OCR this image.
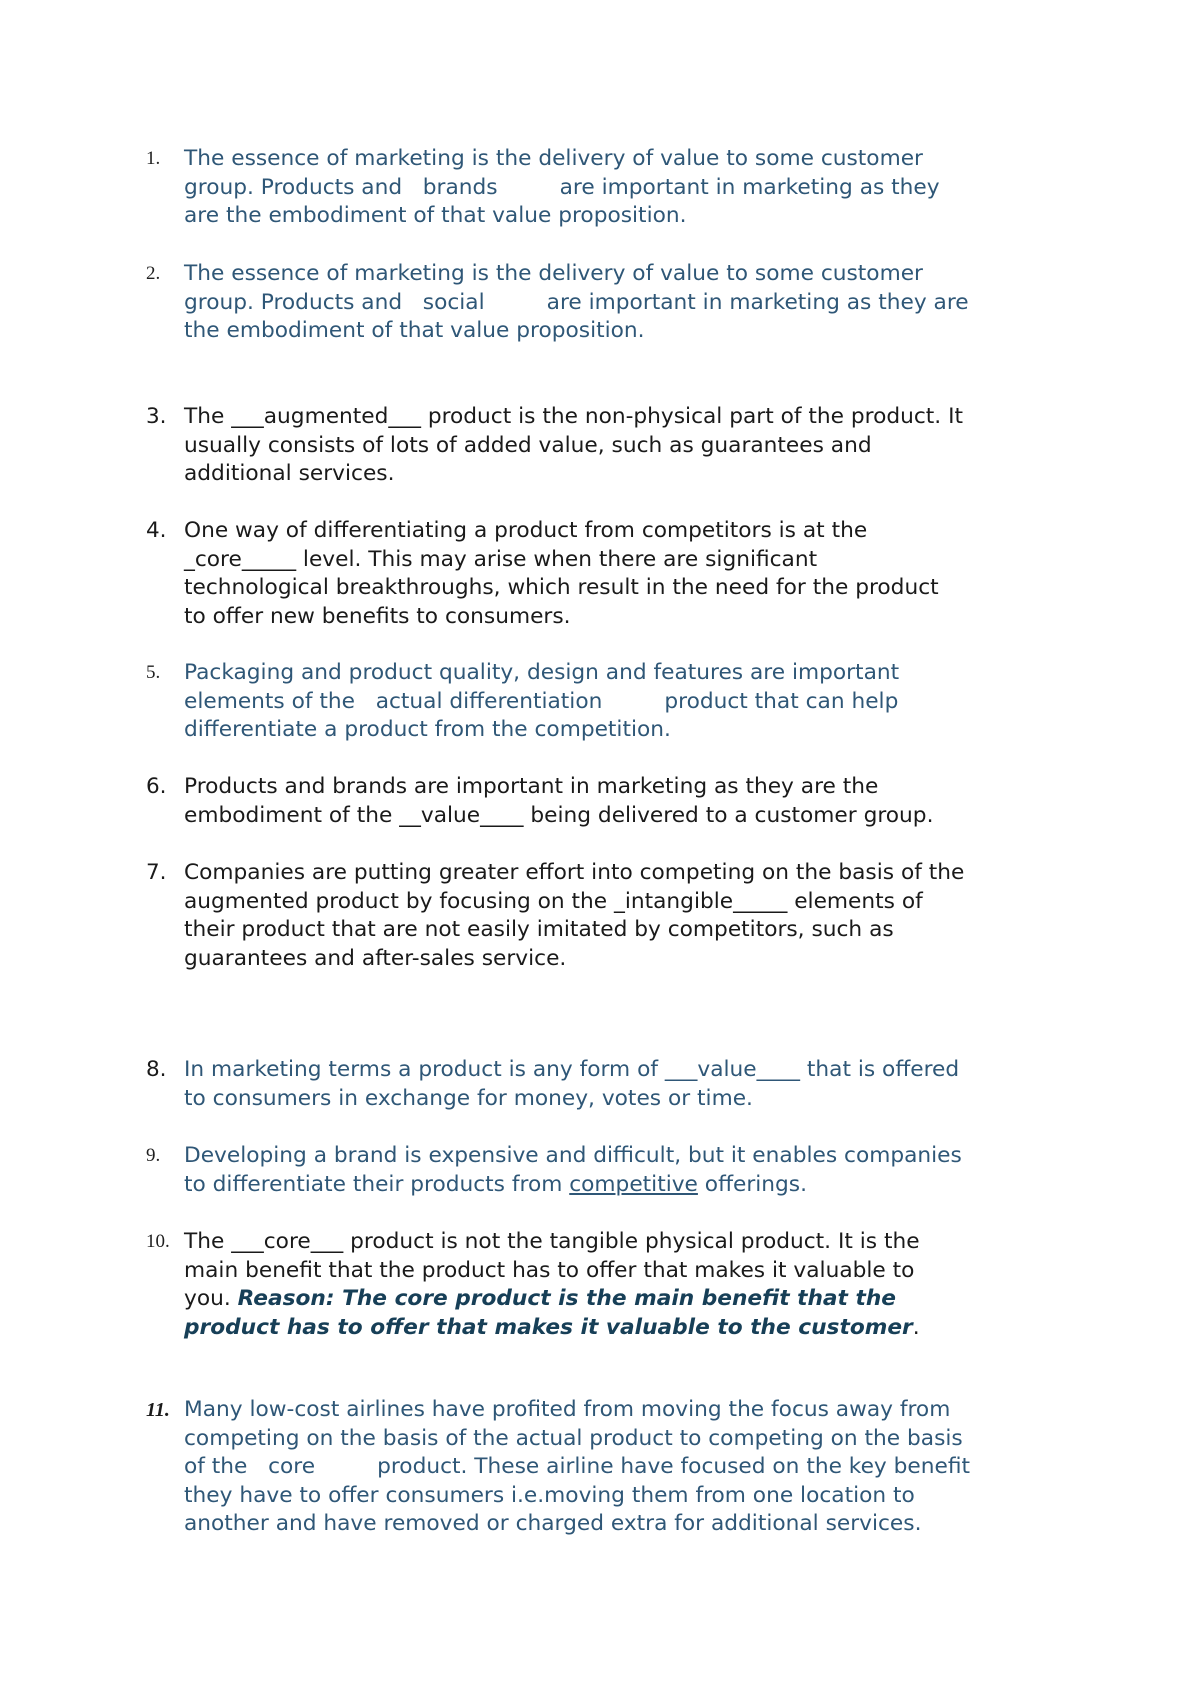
1. The essence of marketing is the delivery of value to some customer
group. Products and   brands         are important in marketing as they
are the embodiment of that value proposition.
2. The essence of marketing is the delivery of value to some customer
group. Products and   social         are important in marketing as they are
the embodiment of that value proposition.
3. The ___augmented___ product is the non-physical part of the product. It
usually consists of lots of added value, such as guarantees and
additional services.
4. One way of differentiating a product from competitors is at the
_core_____ level. This may arise when there are significant
technological breakthroughs, which result in the need for the product
to offer new benefits to consumers.
5. Packaging and product quality, design and features are important
elements of the   actual differentiation         product that can help
differentiate a product from the competition.
6. Products and brands are important in marketing as they are the
embodiment of the __value____ being delivered to a customer group.
7. Companies are putting greater effort into competing on the basis of the
augmented product by focusing on the _intangible_____ elements of
their product that are not easily imitated by competitors, such as
guarantees and after-sales service.
8. In marketing terms a product is any form of ___value____ that is offered
to consumers in exchange for money, votes or time.
9. Developing a brand is expensive and difficult, but it enables companies
to differentiate their products from competitive offerings.
10. The ___core___ product is not the tangible physical product. It is the
main benefit that the product has to offer that makes it valuable to
you. Reason: The core product is the main benefit that the
product has to offer that makes it valuable to the customer.
11. Many low-cost airlines have profited from moving the focus away from
competing on the basis of the actual product to competing on the basis
of the   core         product. These airline have focused on the key benefit
they have to offer consumers i.e.moving them from one location to
another and have removed or charged extra for additional services.
